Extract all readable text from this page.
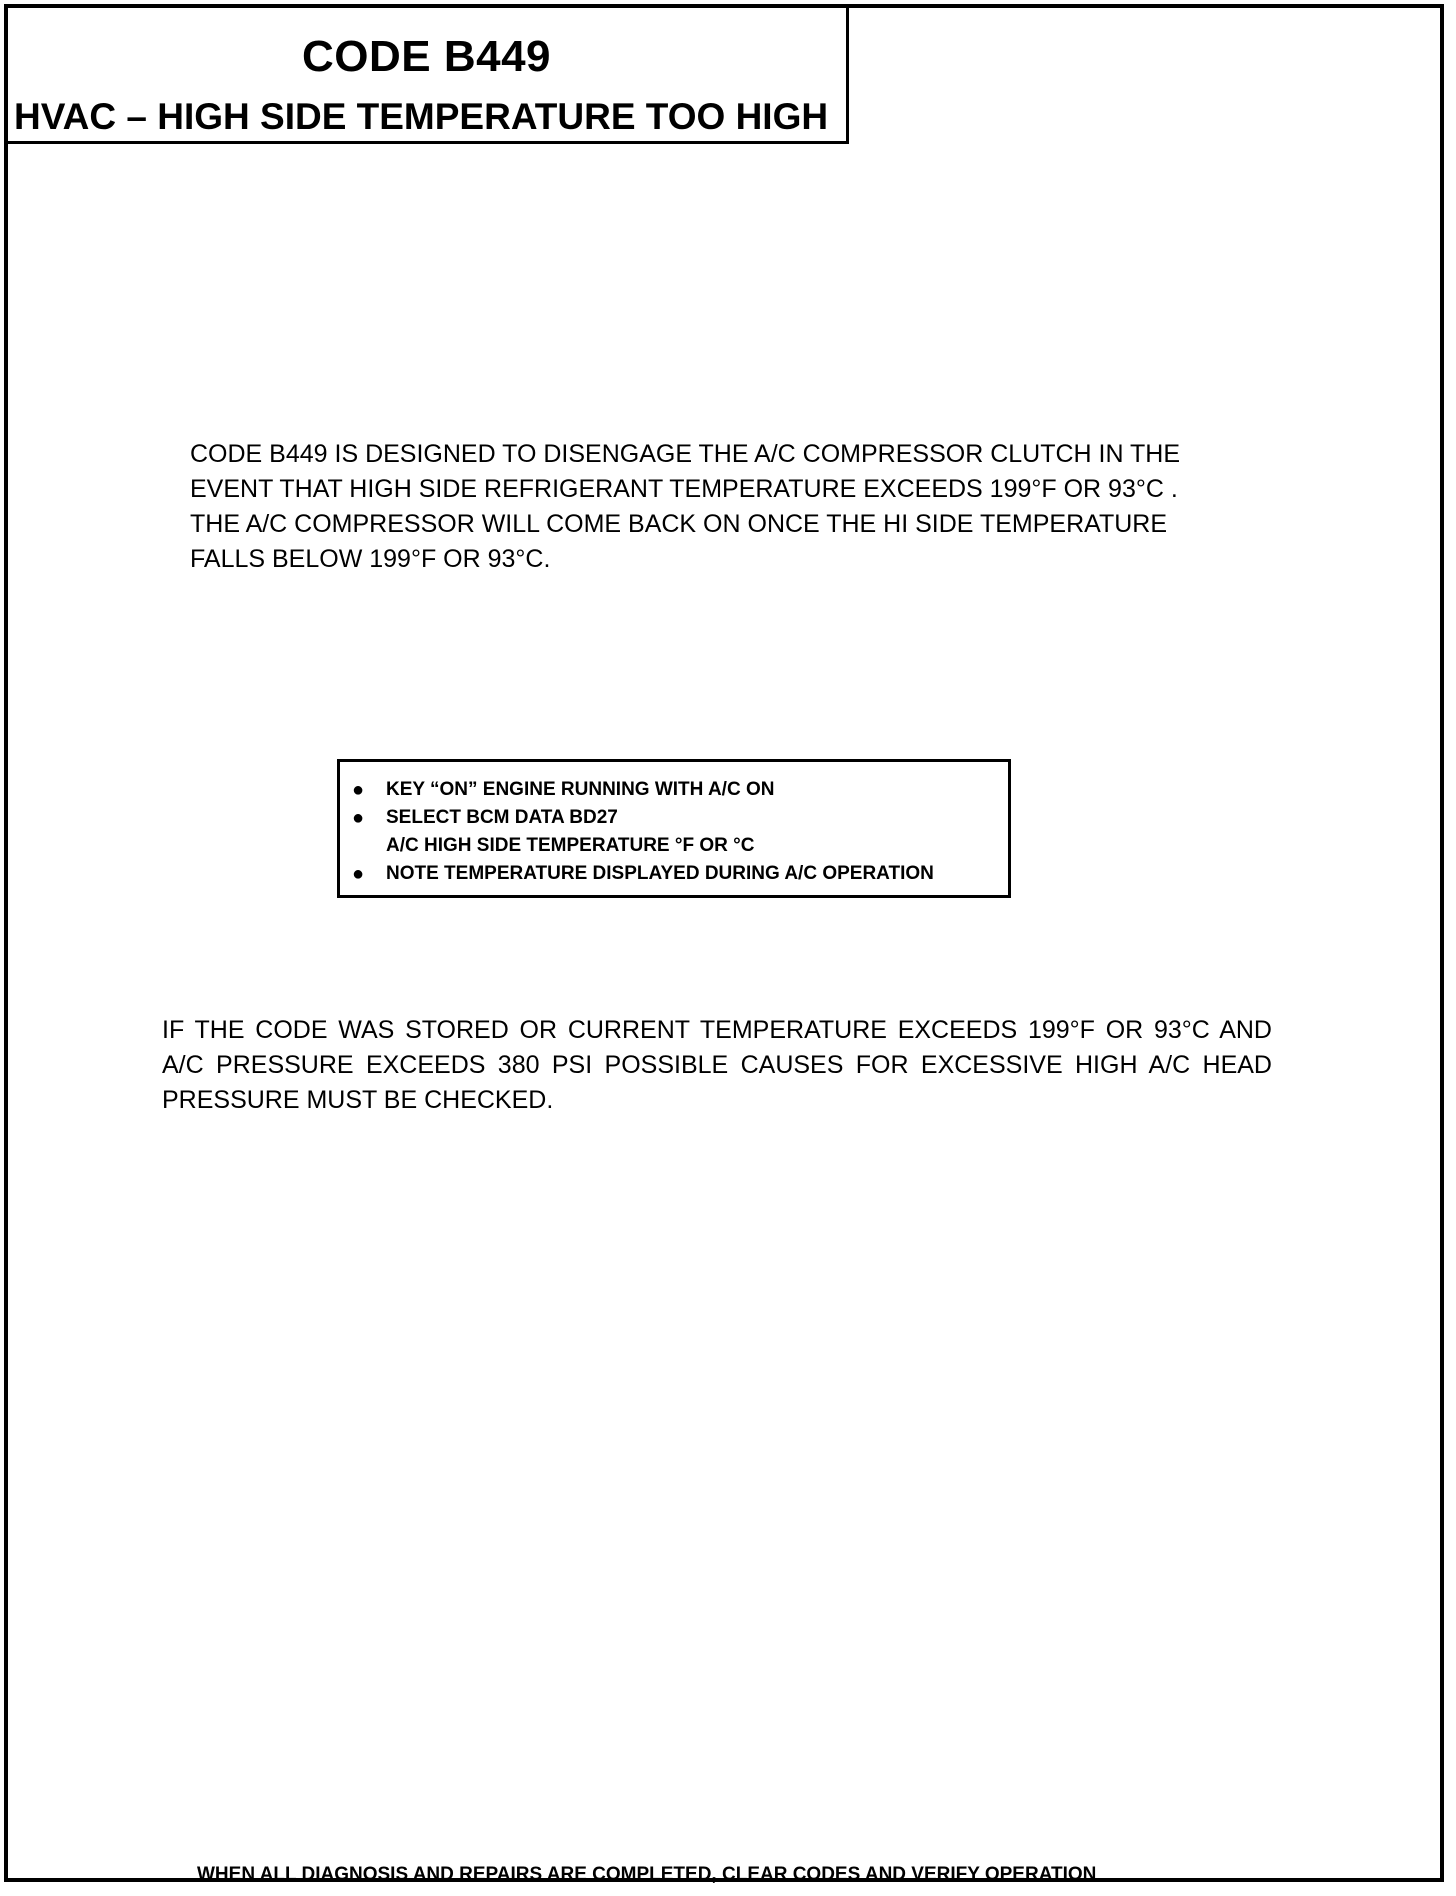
CODE B449
HVAC – HIGH SIDE TEMPERATURE TOO HIGH
CODE B449 IS DESIGNED TO DISENGAGE THE A/C COMPRESSOR CLUTCH IN THE
EVENT THAT HIGH SIDE REFRIGERANT TEMPERATURE EXCEEDS 199°F OR 93°C .
THE A/C COMPRESSOR WILL COME BACK ON ONCE THE HI SIDE TEMPERATURE
FALLS BELOW 199°F OR 93°C.
●	KEY “ON” ENGINE RUNNING WITH A/C ON
●	SELECT BCM DATA BD27
A/C HIGH SIDE TEMPERATURE °F OR °C
●	NOTE TEMPERATURE DISPLAYED DURING A/C OPERATION
IF THE CODE WAS STORED OR CURRENT TEMPERATURE EXCEEDS 199°F OR 93°C AND
A/C PRESSURE EXCEEDS 380 PSI POSSIBLE CAUSES FOR EXCESSIVE HIGH A/C HEAD
PRESSURE MUST BE CHECKED.
WHEN ALL DIAGNOSIS AND REPAIRS ARE COMPLETED, CLEAR CODES AND VERIFY OPERATION
